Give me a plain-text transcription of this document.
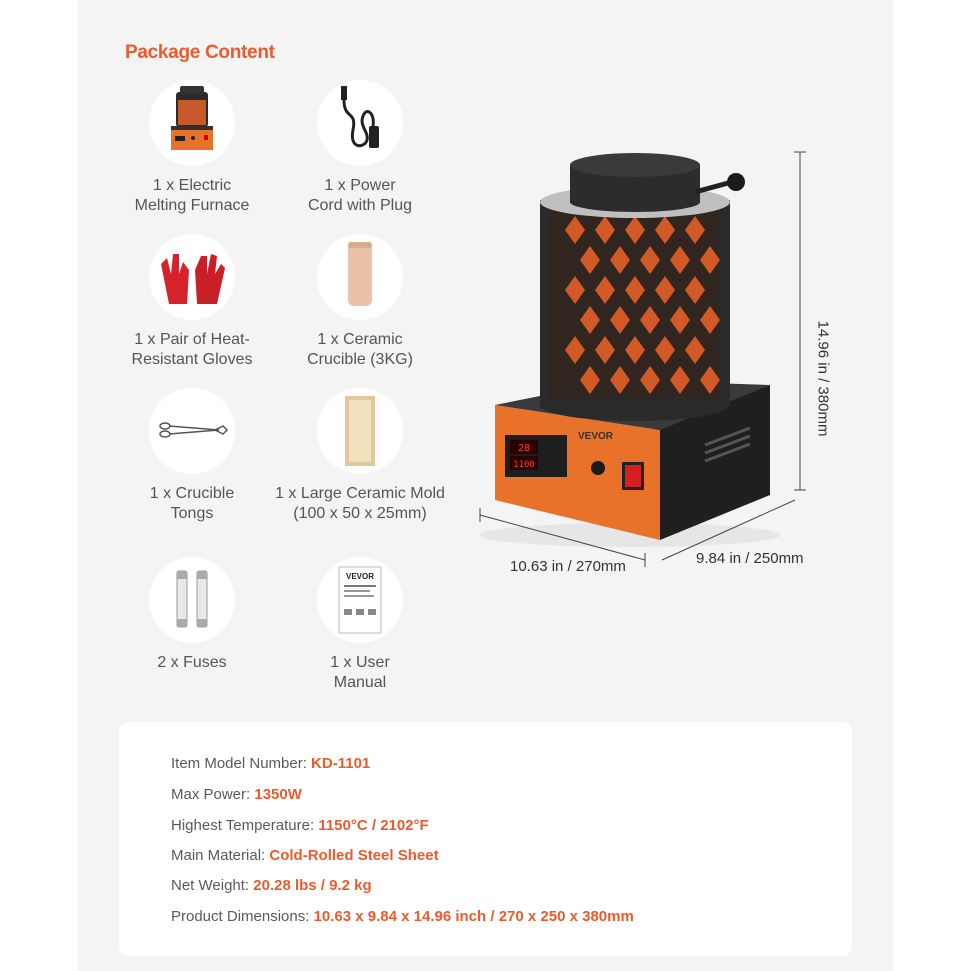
Package Content
1 x Electric
Melting Furnace
1 x Power
Cord with Plug
1 x Pair of Heat-
Resistant Gloves
1 x Ceramic
Crucible (3KG)
1 x Crucible
Tongs
1 x Large Ceramic Mold
(100 x 50 x 25mm)
2 x Fuses
VEVOR
1 x User
Manual
VEVOR
28
1100
10.63 in / 270mm	9.84 in / 250mm
14.96 in / 380mm
Item Model Number: KD-1101
Max Power: 1350W
Highest Temperature: 1150°C / 2102°F
Main Material: Cold-Rolled Steel Sheet
Net Weight: 20.28 lbs / 9.2 kg
Product Dimensions: 10.63 x 9.84 x 14.96 inch / 270 x 250 x 380mm
